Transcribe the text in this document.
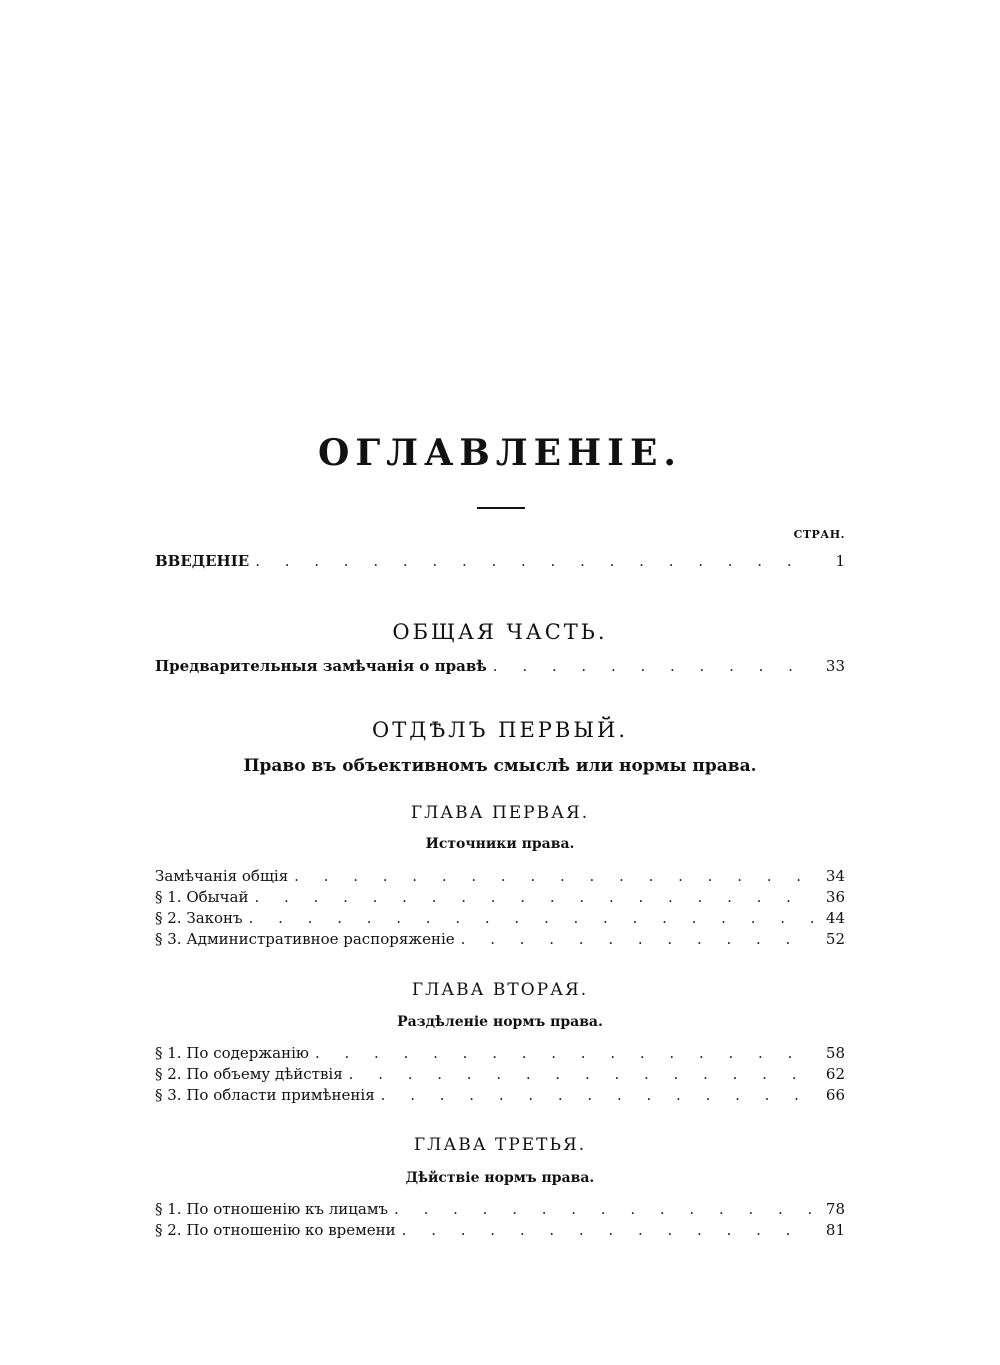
ОГЛАВЛЕНІЕ.
СТРАН.
ВВЕДЕНІЕ . . .	1
ОБЩАЯ ЧАСТЬ.
Предварительныя замѣчанія о правѣ . . .	33
ОТДѢЛЪ ПЕРВЫЙ.
Право въ объективномъ смыслѣ или нормы права.
ГЛАВА ПЕРВАЯ.
Источники права.
Замѣчанія общія . . .	34
§ 1. Обычай . . .	36
§ 2. Законъ . . .	44
§ 3. Административное распоряженіе . . .	52
ГЛАВА ВТОРАЯ.
Раздѣленіе нормъ права.
§ 1. По содержанію . . .	58
§ 2. По объему дѣйствія . . .	62
§ 3. По области примѣненія . . .	66
ГЛАВА ТРЕТЬЯ.
Дѣйствіе нормъ права.
§ 1. По отношенію къ лицамъ . . .	78
§ 2. По отношенію ко времени . . .	81
